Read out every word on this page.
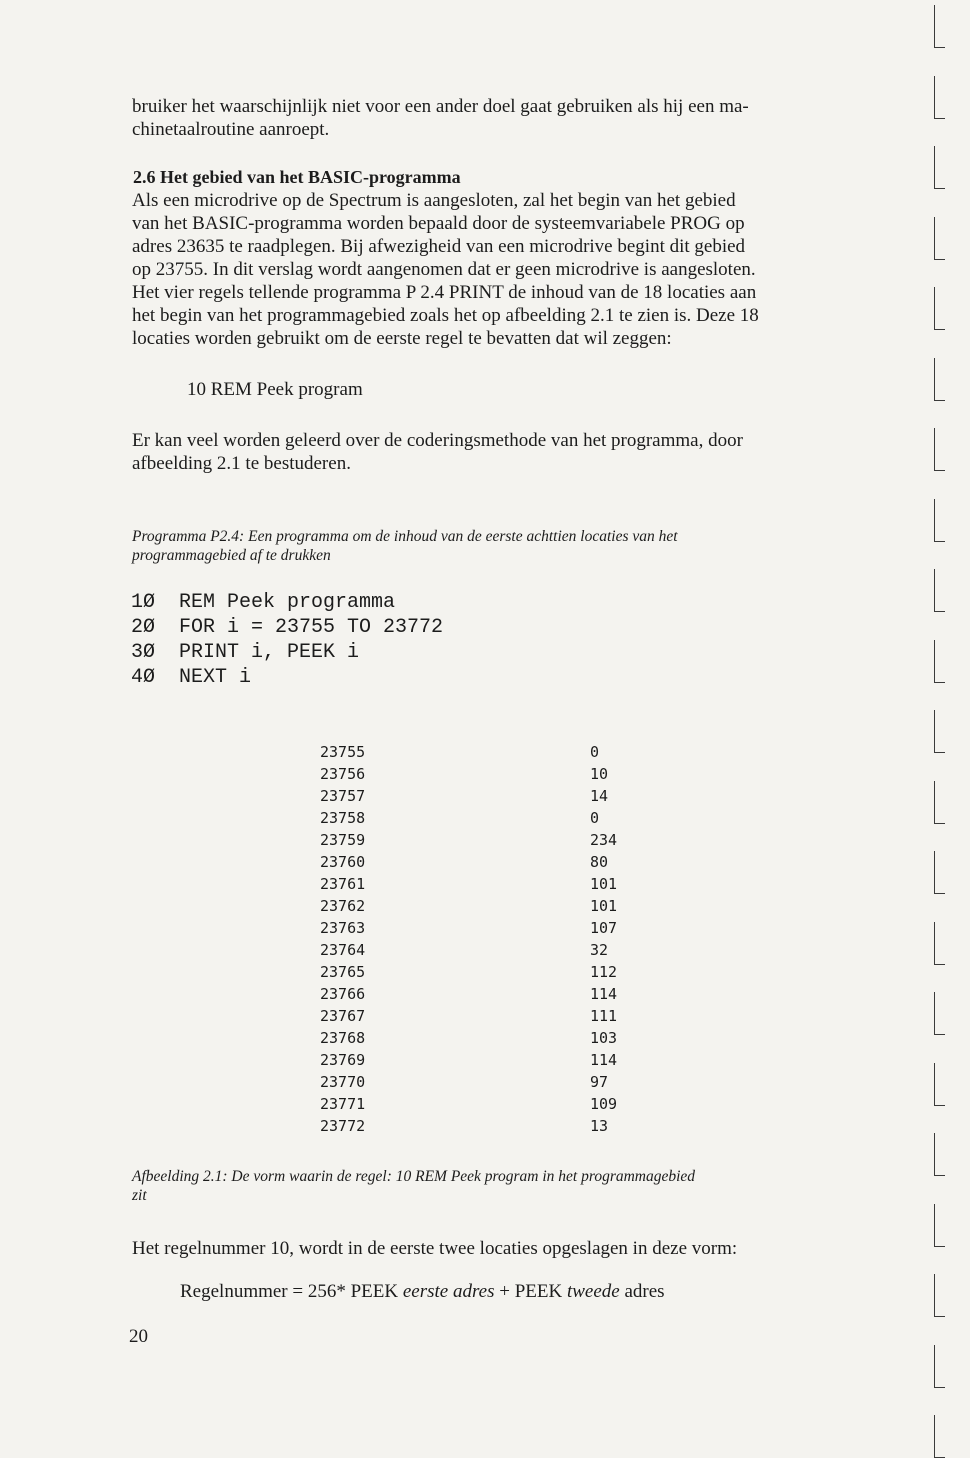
bruiker het waarschijnlijk niet voor een ander doel gaat gebruiken als hij een ma-
chinetaalroutine aanroept.
2.6 Het gebied van het BASIC-programma
Als een microdrive op de Spectrum is aangesloten, zal het begin van het gebied
van het BASIC-programma worden bepaald door de systeemvariabele PROG op
adres 23635 te raadplegen. Bij afwezigheid van een microdrive begint dit gebied
op 23755. In dit verslag wordt aangenomen dat er geen microdrive is aangesloten.
Het vier regels tellende programma P 2.4 PRINT de inhoud van de 18 locaties aan
het begin van het programmagebied zoals het op afbeelding 2.1 te zien is. Deze 18
locaties worden gebruikt om de eerste regel te bevatten dat wil zeggen:
10 REM Peek program
Er kan veel worden geleerd over de coderingsmethode van het programma, door
afbeelding 2.1 te bestuderen.
Programma P2.4: Een programma om de inhoud van de eerste achttien locaties van het
programmagebied af te drukken
1Ø  REM Peek programma
2Ø  FOR i = 23755 TO 23772
3Ø  PRINT i, PEEK i
4Ø  NEXT i
23755	0
23756	10
23757	14
23758	0
23759	234
23760	80
23761	101
23762	101
23763	107
23764	32
23765	112
23766	114
23767	111
23768	103
23769	114
23770	97
23771	109
23772	13
Afbeelding 2.1: De vorm waarin de regel: 10 REM Peek program in het programmagebied
zit
Het regelnummer 10, wordt in de eerste twee locaties opgeslagen in deze vorm:
Regelnummer = 256* PEEK eerste adres + PEEK tweede adres
20
